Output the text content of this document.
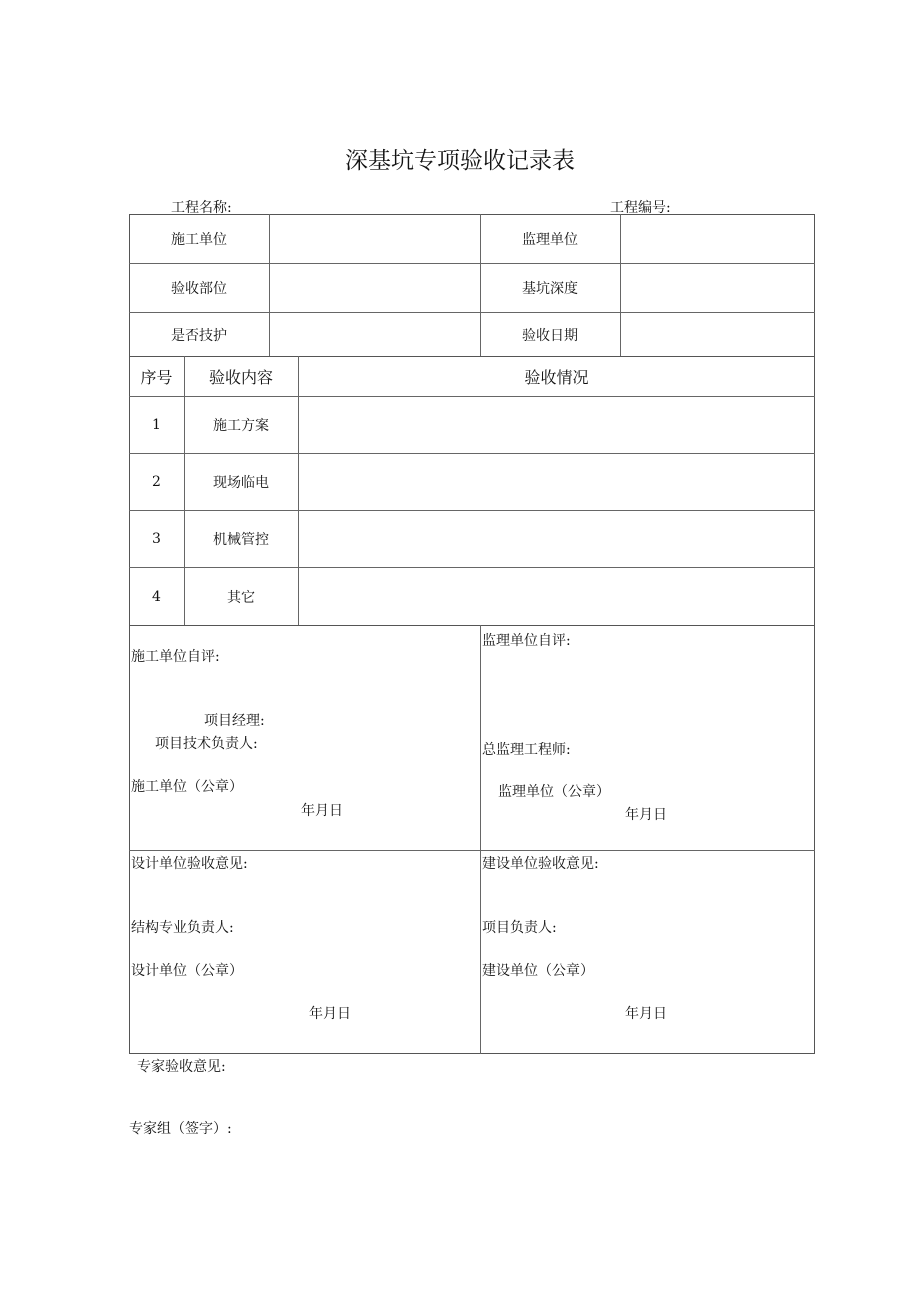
深基坑专项验收记录表
工程名称:	工程编号:
施工单位	监理单位
验收部位	基坑深度
是否技护	验收日期
序号	验收内容	验收情况
1	施工方案
2	现场临电
3	机械管控
4	其它
施工单位自评:
项目经理:
项目技术负责人:
施工单位（公章）
年月日
监理单位自评:
总监理工程师:
监理单位（公章）
年月日
设计单位验收意见:
结构专业负责人:
设计单位（公章）
年月日
建设单位验收意见:
项目负责人:
建设单位（公章）
年月日
专家验收意见:
专家组（签字）:
